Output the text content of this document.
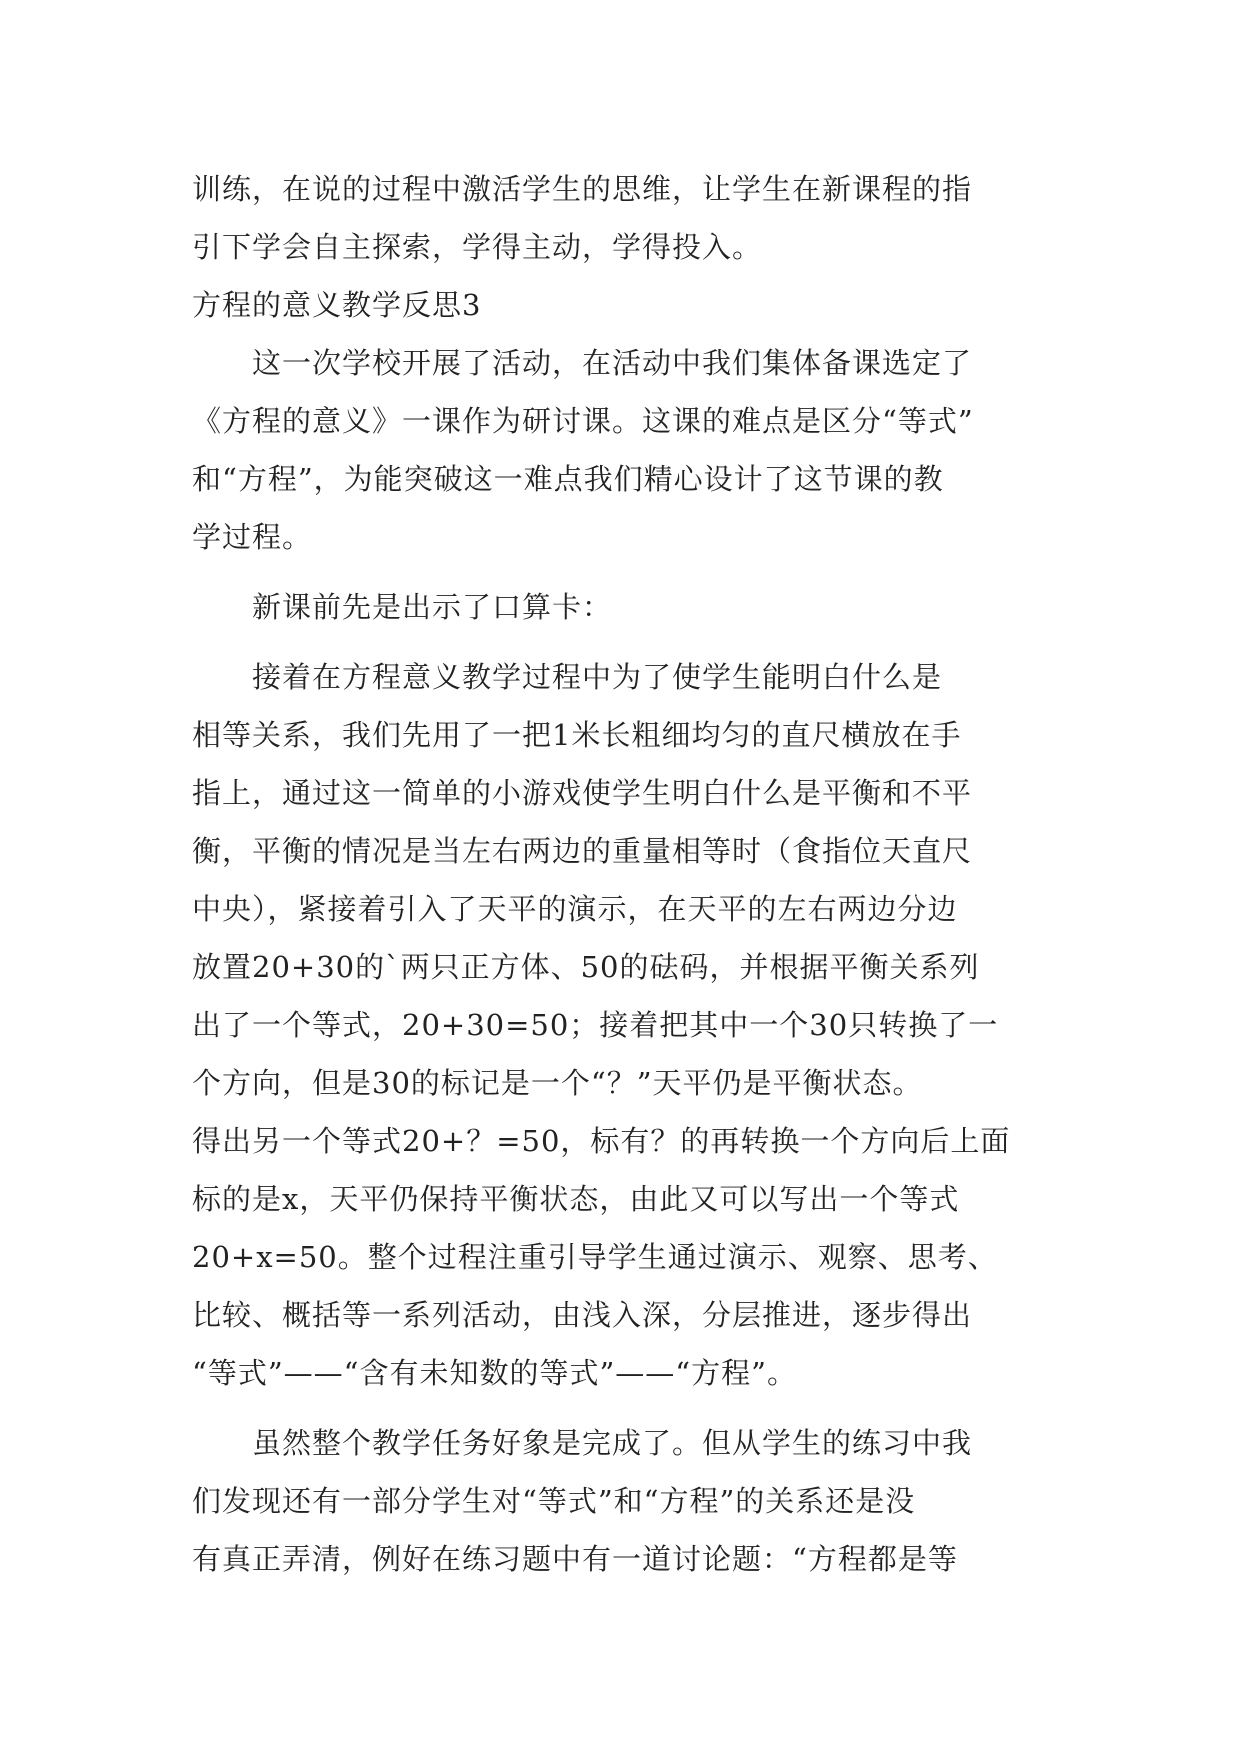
训练，在说的过程中激活学生的思维，让学生在新课程的指
引下学会自主探索，学得主动，学得投入。
方程的意义教学反思3
这一次学校开展了活动，在活动中我们集体备课选定了
《方程的意义》一课作为研讨课。这课的难点是区分“等式”
和“方程”，为能突破这一难点我们精心设计了这节课的教
学过程。
新课前先是出示了口算卡：
接着在方程意义教学过程中为了使学生能明白什么是
相等关系，我们先用了一把1米长粗细均匀的直尺横放在手
指上，通过这一简单的小游戏使学生明白什么是平衡和不平
衡，平衡的情况是当左右两边的重量相等时（食指位天直尺
中央），紧接着引入了天平的演示，在天平的左右两边分边
放置20+30的`两只正方体、50的砝码，并根据平衡关系列
出了一个等式，20+30=50；接着把其中一个30只转换了一
个方向，但是30的标记是一个“？”天平仍是平衡状态。
得出另一个等式20+？=50，标有？的再转换一个方向后上面
标的是x，天平仍保持平衡状态，由此又可以写出一个等式
20+x=50。整个过程注重引导学生通过演示、观察、思考、
比较、概括等一系列活动，由浅入深，分层推进，逐步得出
“等式”——“含有未知数的等式”——“方程”。
虽然整个教学任务好象是完成了。但从学生的练习中我
们发现还有一部分学生对“等式”和“方程”的关系还是没
有真正弄清，例好在练习题中有一道讨论题：“方程都是等
